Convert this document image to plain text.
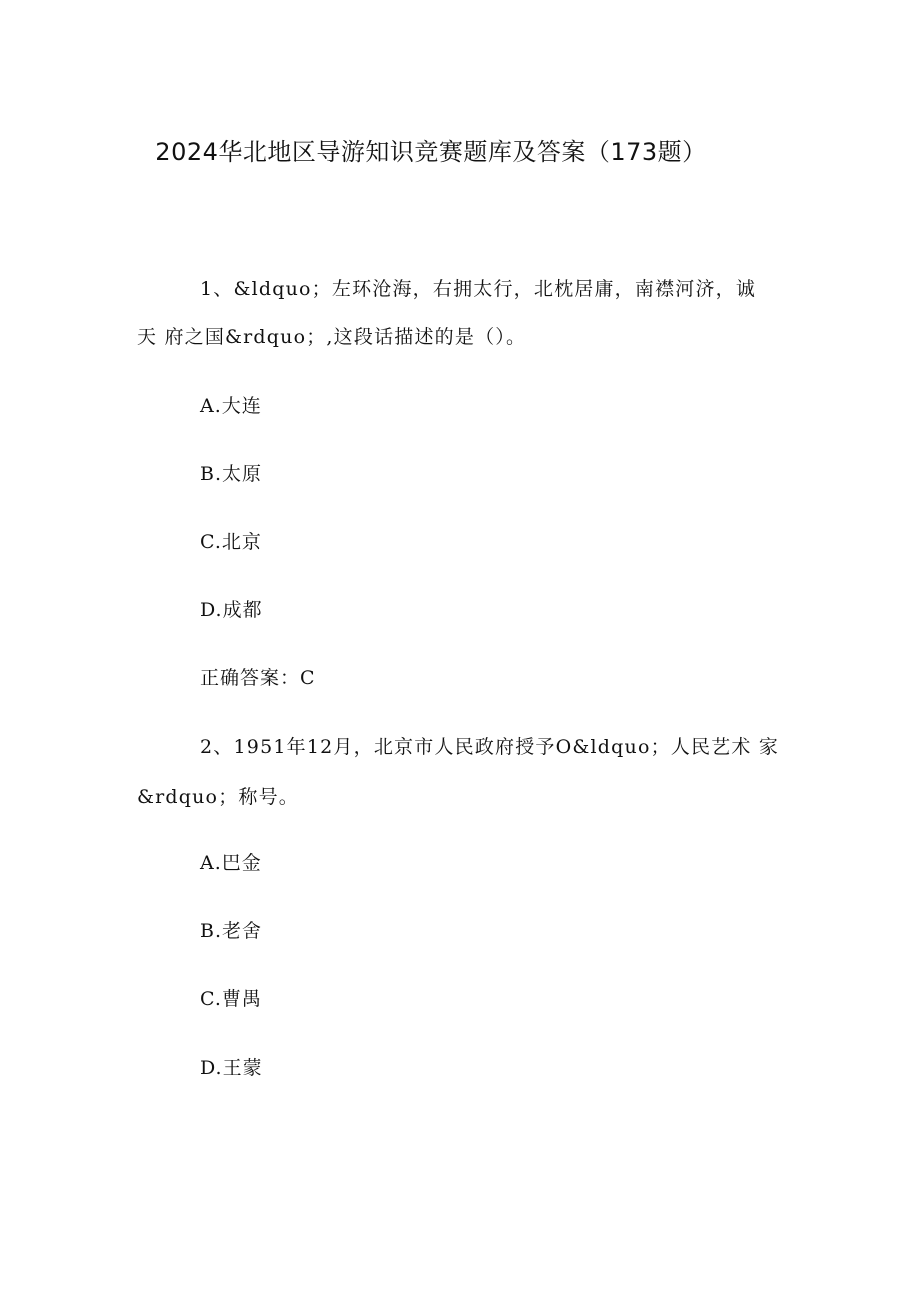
2024华北地区导游知识竞赛题库及答案（173题）

1、&ldquo；左环沧海，右拥太行，北枕居庸，南襟河济，诚

天 府之国&rdquo；,这段话描述的是（）。

A.大连

B.太原

C.北京

D.成都

正确答案：C

2、1951年12月，北京市人民政府授予O&ldquo；人民艺术 家

&rdquo；称号。

A.巴金

B.老舍

C.曹禺

D.王蒙
